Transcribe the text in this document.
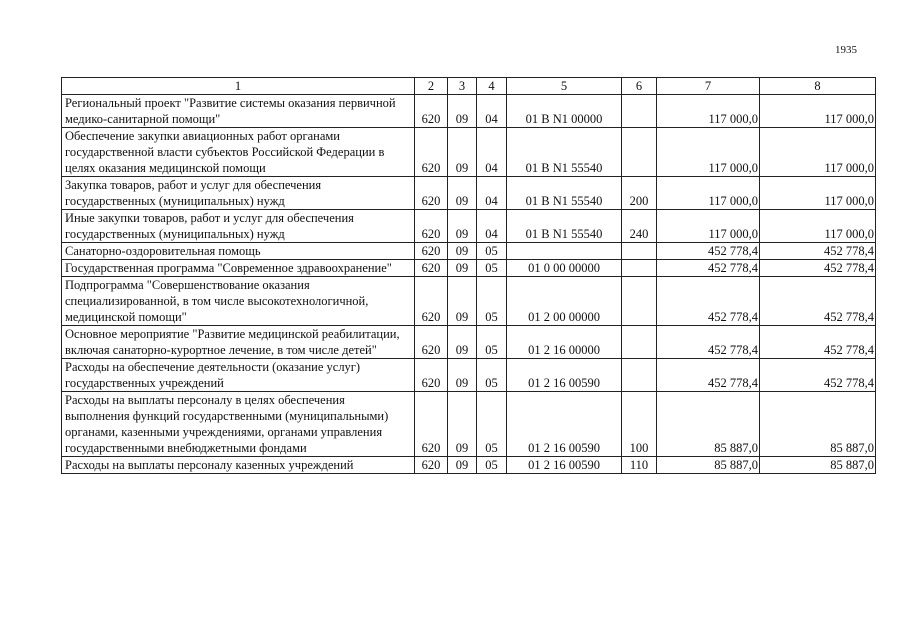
1935
1	2	3	4	5	6	7	8
Региональный проект "Развитие системы оказания первичной медико-санитарной помощи"	620	09	04	01 В N1 00000		117 000,0	117 000,0
Обеспечение закупки авиационных работ органами государственной власти субъектов Российской Федерации в целях оказания медицинской помощи	620	09	04	01 В N1 55540		117 000,0	117 000,0
Закупка товаров, работ и услуг для обеспечения государственных (муниципальных) нужд	620	09	04	01 В N1 55540	200	117 000,0	117 000,0
Иные закупки товаров, работ и услуг для обеспечения государственных (муниципальных) нужд	620	09	04	01 В N1 55540	240	117 000,0	117 000,0
Санаторно-оздоровительная помощь	620	09	05			452 778,4	452 778,4
Государственная программа "Современное здравоохранение"	620	09	05	01 0 00 00000		452 778,4	452 778,4
Подпрограмма "Совершенствование оказания специализированной, в том числе высокотехнологичной, медицинской помощи"	620	09	05	01 2 00 00000		452 778,4	452 778,4
Основное мероприятие "Развитие медицинской реабилитации, включая санаторно-курортное лечение, в том числе детей"	620	09	05	01 2 16 00000		452 778,4	452 778,4
Расходы на обеспечение деятельности (оказание услуг) государственных учреждений	620	09	05	01 2 16 00590		452 778,4	452 778,4
Расходы на выплаты персоналу в целях обеспечения выполнения функций государственными (муниципальными) органами, казенными учреждениями, органами управления государственными внебюджетными фондами	620	09	05	01 2 16 00590	100	85 887,0	85 887,0
Расходы на выплаты персоналу казенных учреждений	620	09	05	01 2 16 00590	110	85 887,0	85 887,0
